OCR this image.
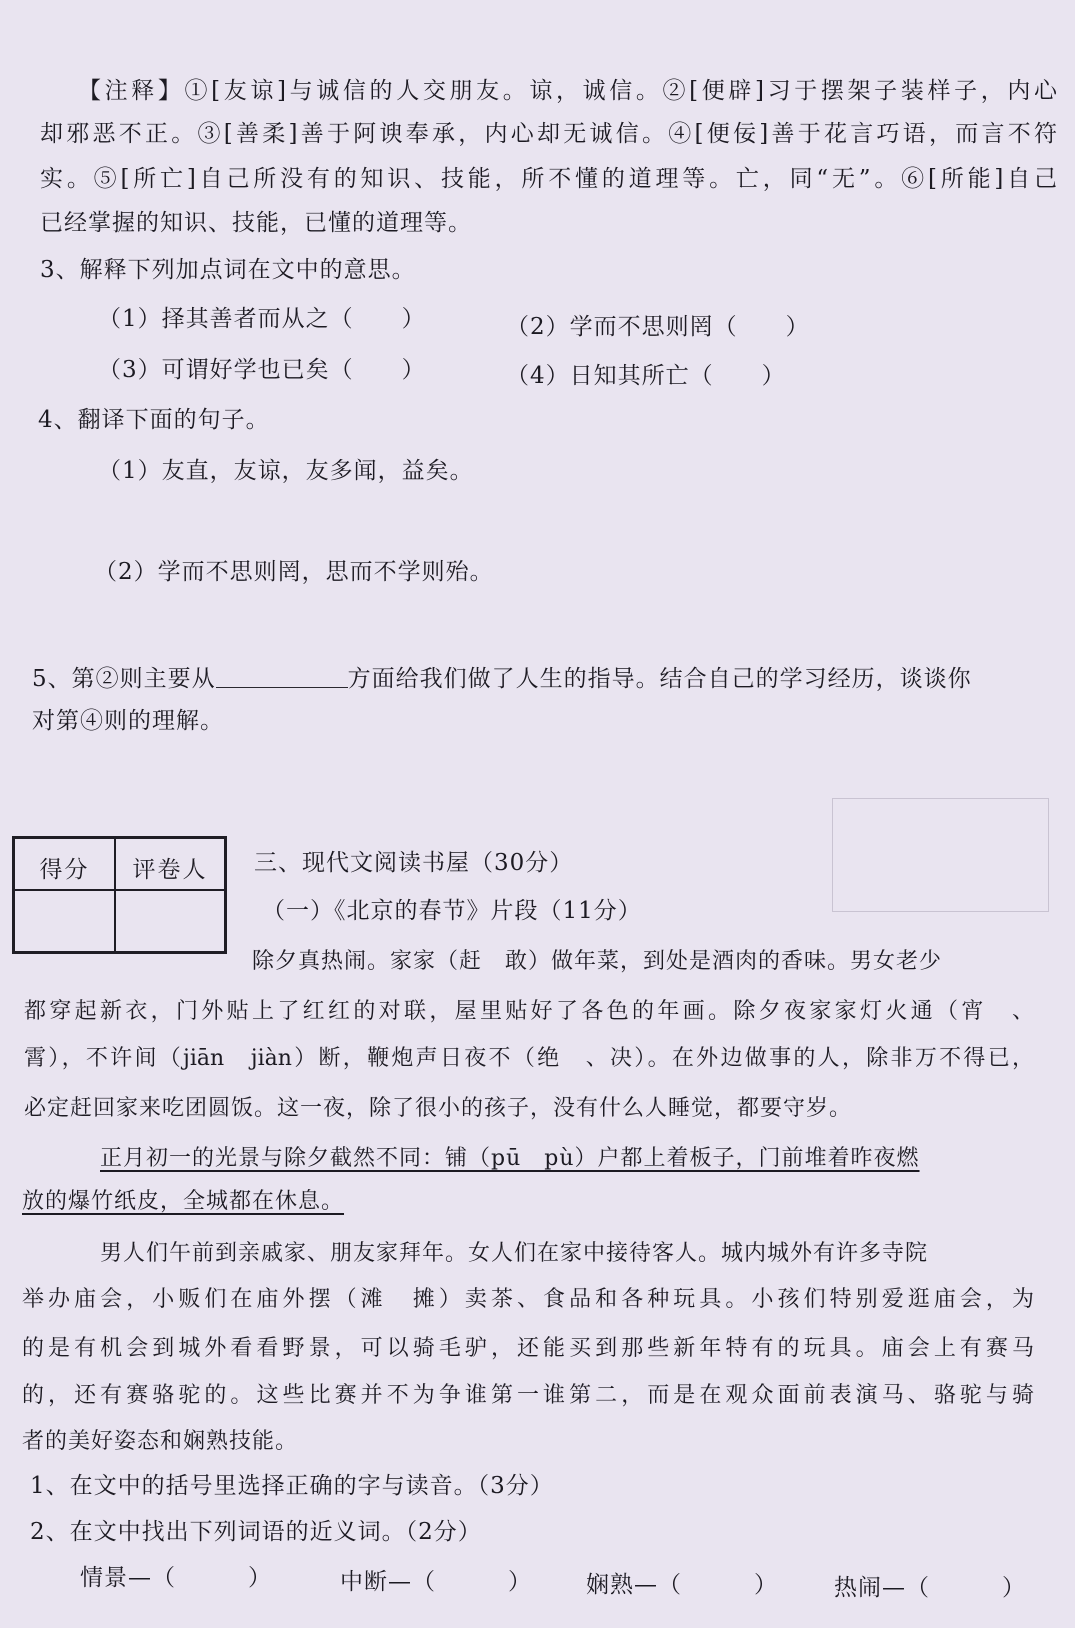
【注释】①[友谅]与诚信的人交朋友。谅，诚信。②[便辟]习于摆架子装样子，内心
却邪恶不正。③[善柔]善于阿谀奉承，内心却无诚信。④[便佞]善于花言巧语，而言不符
实。⑤[所亡]自己所没有的知识、技能，所不懂的道理等。亡，同“无”。⑥[所能]自己
已经掌握的知识、技能，已懂的道理等。
3、解释下列加点词在文中的意思。
（1）择其善者而从之（　　）	（2）学而不思则罔（　　）
（3）可谓好学也已矣（　　）	（4）日知其所亡（　　）
4、翻译下面的句子。
（1）友直，友谅，友多闻，益矣。
（2）学而不思则罔，思而不学则殆。
5、第②则主要从	方面给我们做了人生的指导。结合自己的学习经历，谈谈你
对第④则的理解。
得分	评卷人	三、现代文阅读书屋（30分）
（一）《北京的春节》片段（11分）
除夕真热闹。家家（赶　敢）做年菜，到处是酒肉的香味。男女老少
都穿起新衣，门外贴上了红红的对联，屋里贴好了各色的年画。除夕夜家家灯火通（宵　、
霄），不许间（jiān　jiàn）断，鞭炮声日夜不（绝　、决）。在外边做事的人，除非万不得已，
必定赶回家来吃团圆饭。这一夜，除了很小的孩子，没有什么人睡觉，都要守岁。
正月初一的光景与除夕截然不同：铺（pū　pù）户都上着板子，门前堆着昨夜燃
放的爆竹纸皮，全城都在休息。
男人们午前到亲戚家、朋友家拜年。女人们在家中接待客人。城内城外有许多寺院
举办庙会，小贩们在庙外摆（滩　摊）卖茶、食品和各种玩具。小孩们特别爱逛庙会，为
的是有机会到城外看看野景，可以骑毛驴，还能买到那些新年特有的玩具。庙会上有赛马
的，还有赛骆驼的。这些比赛并不为争谁第一谁第二，而是在观众面前表演马、骆驼与骑
者的美好姿态和娴熟技能。
1、在文中的括号里选择正确的字与读音。（3分）
2、在文中找出下列词语的近义词。（2分）
情景—（　　　）	中断—（　　　） 娴熟—（　　　） 热闹—（　　　）
